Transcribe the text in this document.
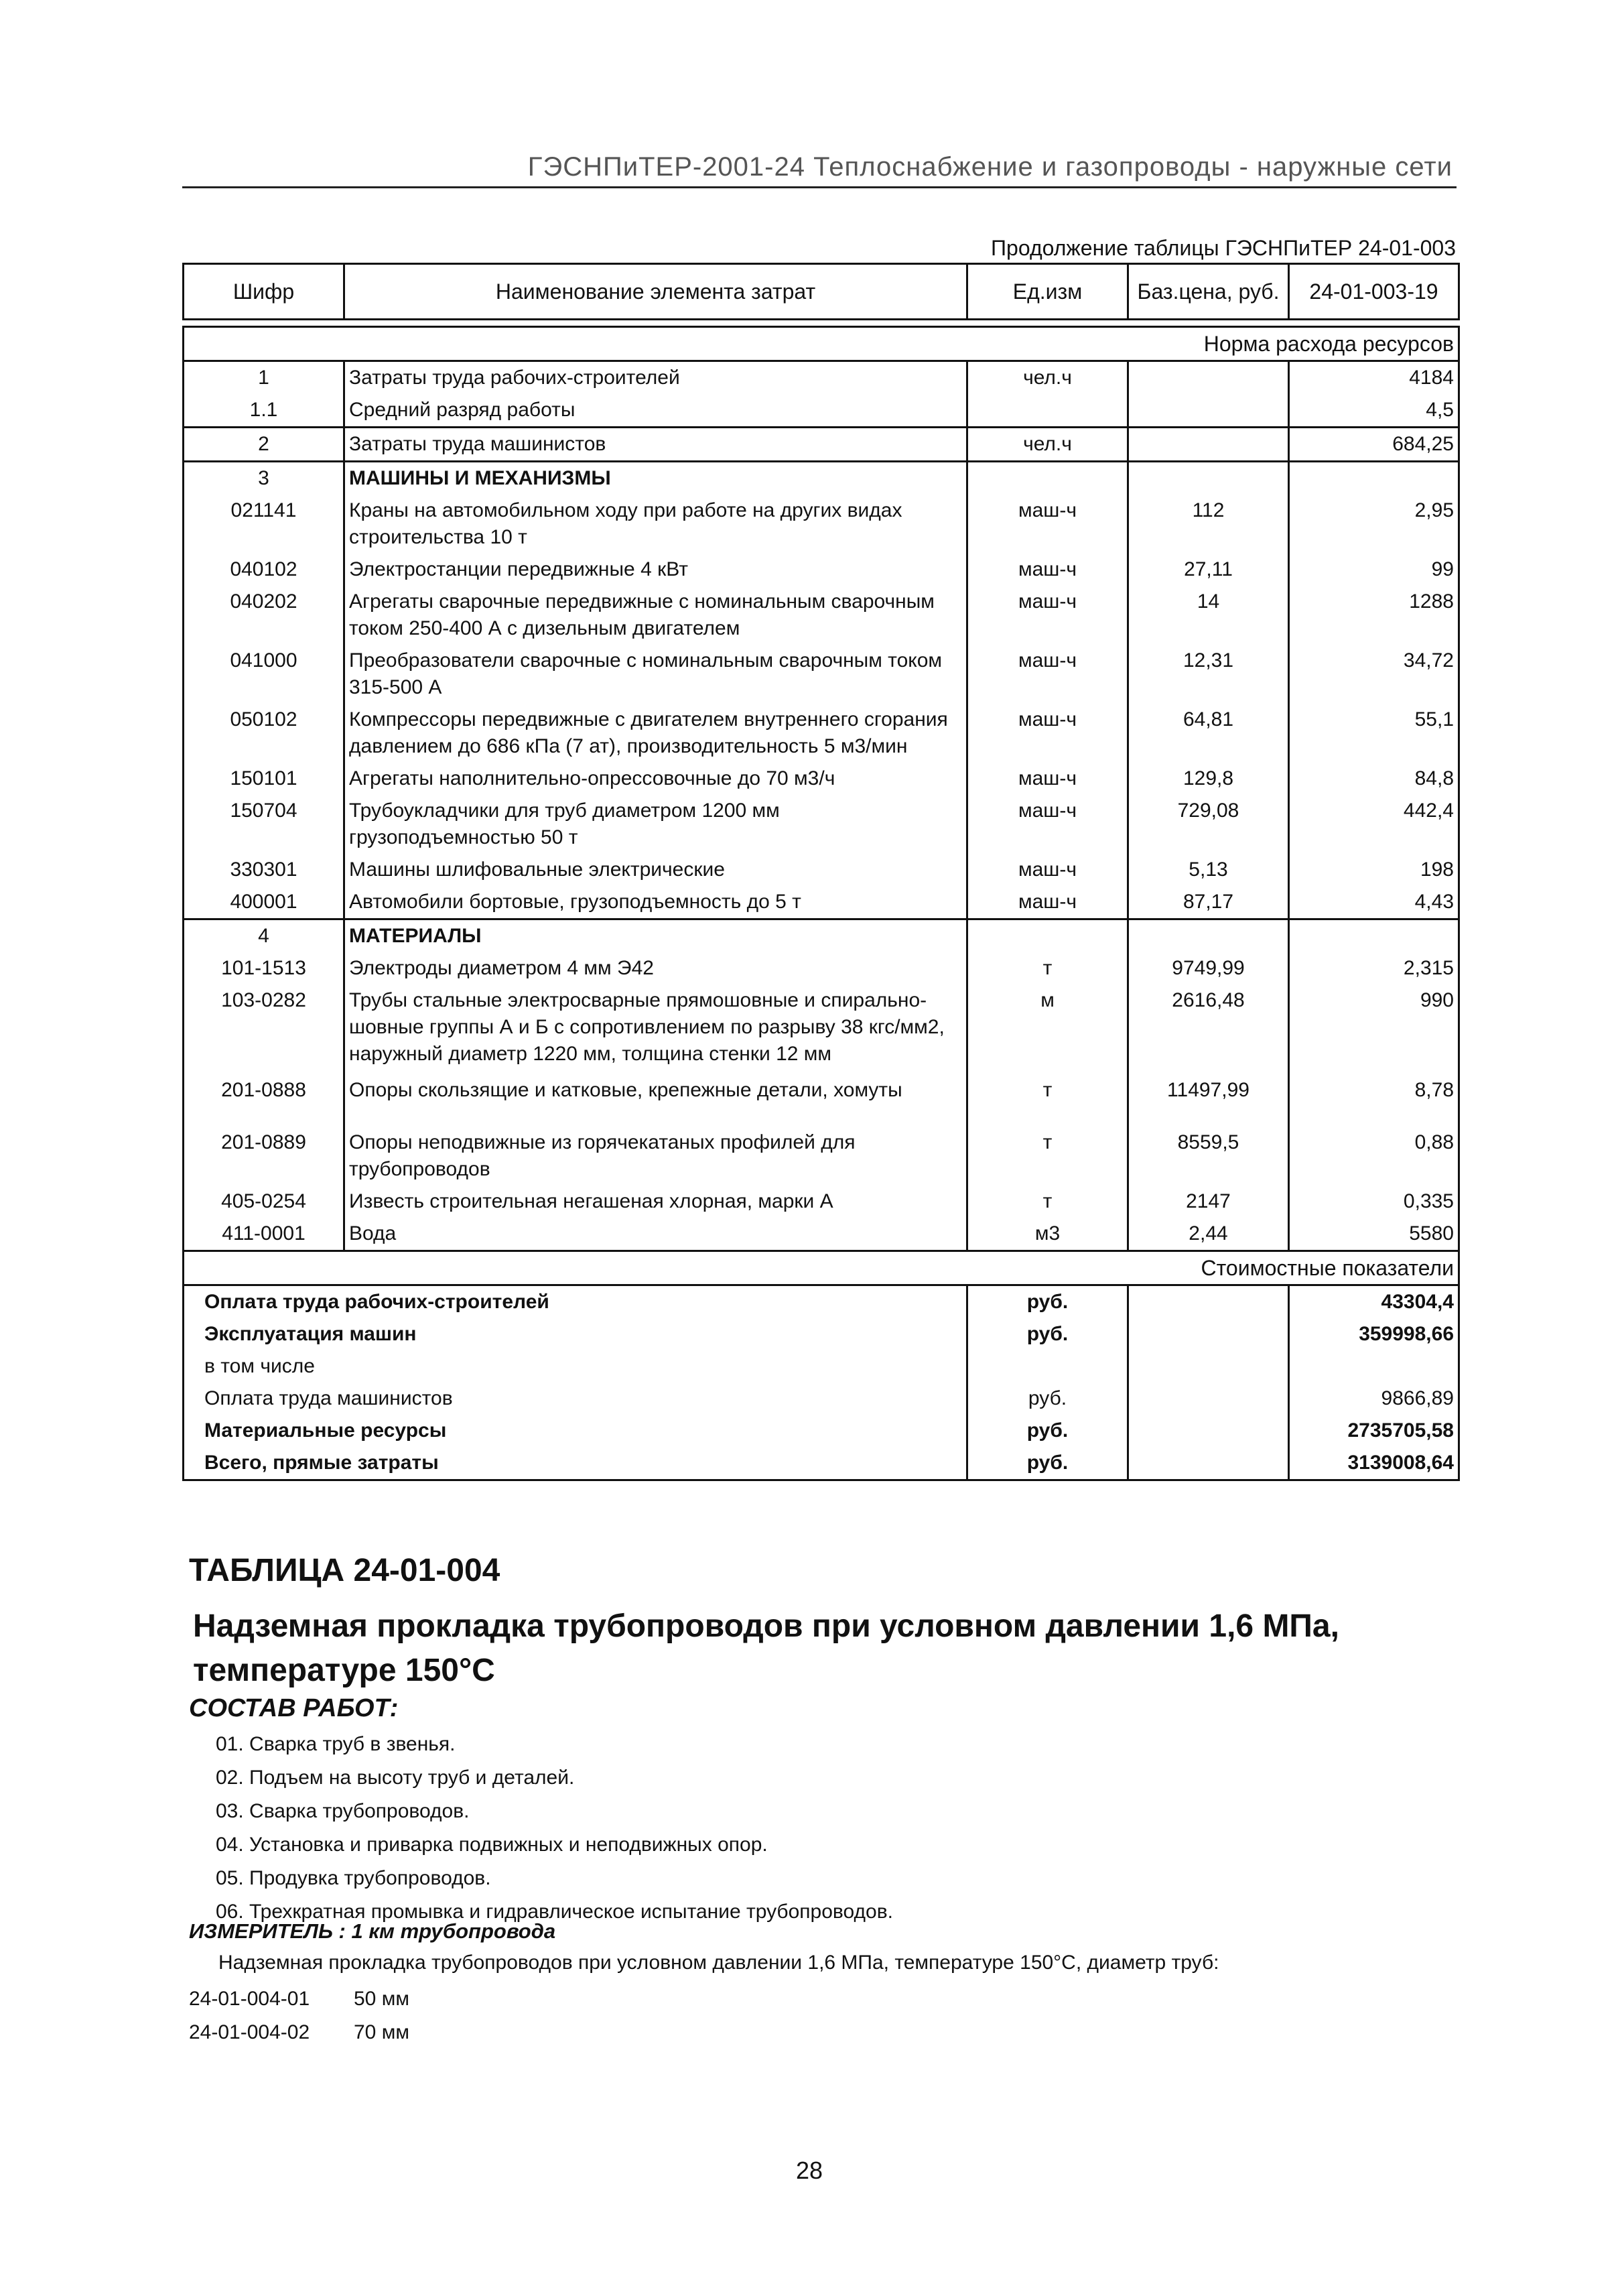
ГЭСНПиТЕР-2001-24 Теплоснабжение и газопроводы - наружные сети
Продолжение таблицы ГЭСНПиТЕР 24-01-003
Шифр	Наименование элемента затрат	Ед.изм	Баз.цена, руб.	24-01-003-19

Норма расхода ресурсов				
1	Затраты труда рабочих-строителей	чел.ч		4184
1.1	Средний разряд работы			4,5
2	Затраты труда машинистов	чел.ч		684,25
3	МАШИНЫ И МЕХАНИЗМЫ			
021141	Краны на автомобильном ходу при работе на других видах строительства 10 т	маш-ч	112	2,95
040102	Электростанции передвижные 4 кВт	маш-ч	27,11	99
040202	Агрегаты сварочные передвижные с номинальным сварочным током 250-400 А с дизельным двигателем	маш-ч	14	1288
041000	Преобразователи сварочные с номинальным сварочным током 315-500 А	маш-ч	12,31	34,72
050102	Компрессоры передвижные с двигателем внутреннего сгорания давлением до 686 кПа (7 ат), производительность 5 м3/мин	маш-ч	64,81	55,1
150101	Агрегаты наполнительно-опрессовочные до 70 м3/ч	маш-ч	129,8	84,8
150704	Трубоукладчики для труб диаметром 1200 мм грузоподъемностью 50 т	маш-ч	729,08	442,4
330301	Машины шлифовальные электрические	маш-ч	5,13	198
400001	Автомобили бортовые, грузоподъемность до 5 т	маш-ч	87,17	4,43
4	МАТЕРИАЛЫ			
101-1513	Электроды диаметром 4 мм Э42	т	9749,99	2,315
103-0282	Трубы стальные электросварные прямошовные и спирально-шовные группы А и Б с сопротивлением по разрыву 38 кгс/мм2, наружный диаметр 1220 мм, толщина стенки 12 мм	м	2616,48	990
201-0888	Опоры скользящие и катковые, крепежные детали, хомуты	т	11497,99	8,78
201-0889	Опоры неподвижные из горячекатаных профилей для трубопроводов	т	8559,5	0,88
405-0254	Известь строительная негашеная хлорная, марки А	т	2147	0,335
411-0001	Вода	м3	2,44	5580
Стоимостные показатели				
Оплата труда рабочих-строителей		руб.		43304,4
Эксплуатация машин		руб.		359998,66
в том числе				
Оплата труда машинистов		руб.		9866,89
Материальные ресурсы		руб.		2735705,58
Всего, прямые затраты		руб.		3139008,64
ТАБЛИЦА 24-01-004
Надземная прокладка трубопроводов при условном давлении 1,6 МПа, температуре 150°С
СОСТАВ РАБОТ:
01. Сварка труб в звенья.
02. Подъем на высоту труб и деталей.
03. Сварка трубопроводов.
04. Установка и приварка подвижных и неподвижных опор.
05. Продувка трубопроводов.
06. Трехкратная промывка и гидравлическое испытание трубопроводов.
ИЗМЕРИТЕЛЬ : 1 км трубопровода
Надземная прокладка трубопроводов при условном давлении 1,6 МПа, температуре 150°С, диаметр труб:
24-01-004-01 50 мм
24-01-004-02 70 мм
28
